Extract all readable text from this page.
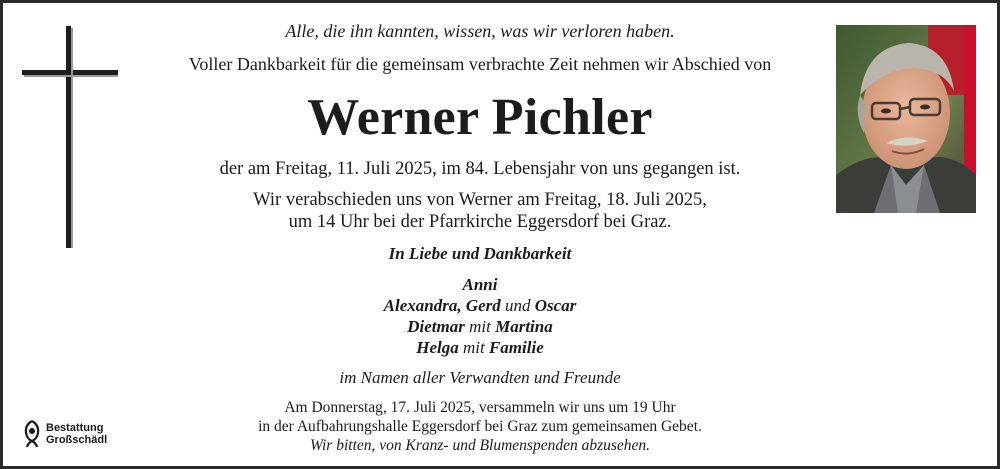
Alle, die ihn kannten, wissen, was wir verloren haben.
Voller Dankbarkeit für die gemeinsam verbrachte Zeit nehmen wir Abschied von
Werner Pichler
der am Freitag, 11. Juli 2025, im 84. Lebensjahr von uns gegangen ist.
Wir verabschieden uns von Werner am Freitag, 18. Juli 2025,
um 14 Uhr bei der Pfarrkirche Eggersdorf bei Graz.
In Liebe und Dankbarkeit
Anni
Alexandra, Gerd und Oscar
Dietmar mit Martina
Helga mit Familie
im Namen aller Verwandten und Freunde
Am Donnerstag, 17. Juli 2025, versammeln wir uns um 19 Uhr
in der Aufbahrungshalle Eggersdorf bei Graz zum gemeinsamen Gebet.
Wir bitten, von Kranz- und Blumenspenden abzusehen.
Bestattung
Großschädl
